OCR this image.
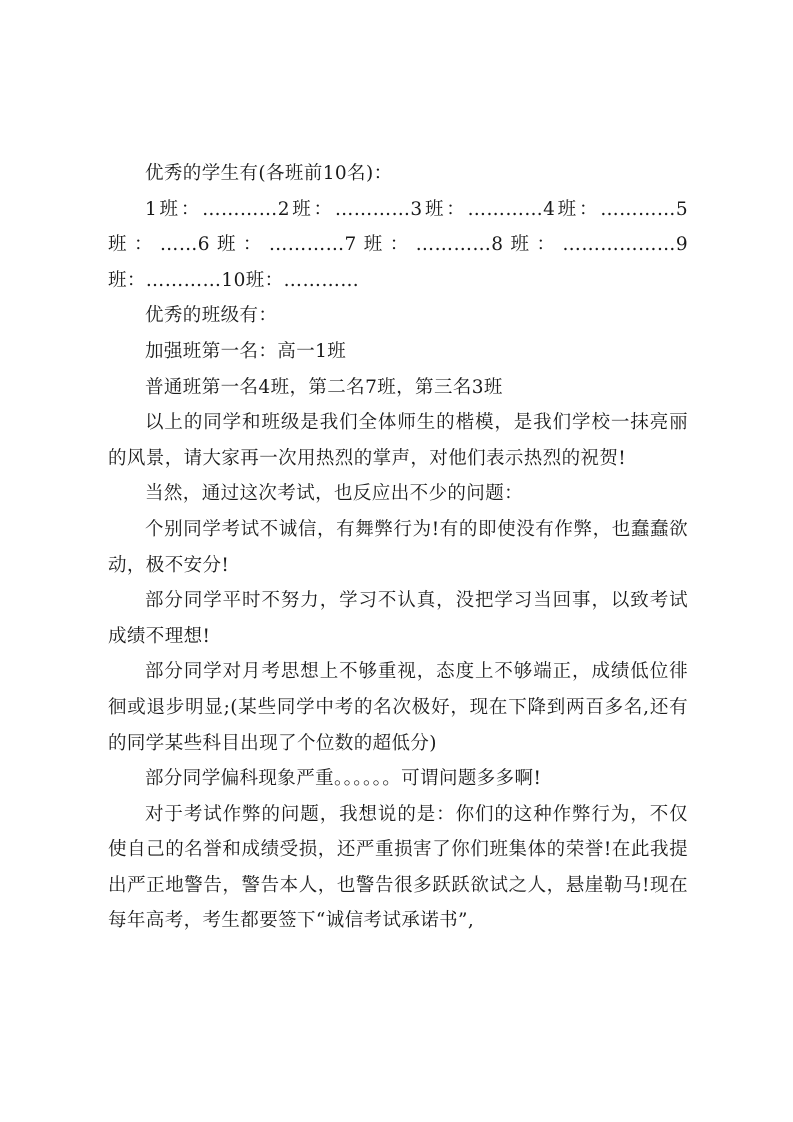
优秀的学生有(各班前10名)：

1班：…………2班：…………3班：…………4班：…………5班：……6班：…………7班：…………8班：………………9班：…………10班：…………

优秀的班级有：

加强班第一名：高一1班

普通班第一名4班，第二名7班，第三名3班

以上的同学和班级是我们全体师生的楷模，是我们学校一抹亮丽的风景，请大家再一次用热烈的掌声，对他们表示热烈的祝贺!

当然，通过这次考试，也反应出不少的问题：

个别同学考试不诚信，有舞弊行为!有的即使没有作弊，也蠢蠢欲动，极不安分!

部分同学平时不努力，学习不认真，没把学习当回事，以致考试成绩不理想!

部分同学对月考思想上不够重视，态度上不够端正，成绩低位徘徊或退步明显;(某些同学中考的名次极好，现在下降到两百多名,还有的同学某些科目出现了个位数的超低分)

部分同学偏科现象严重。。。。。。可谓问题多多啊!

对于考试作弊的问题，我想说的是：你们的这种作弊行为，不仅使自己的名誉和成绩受损，还严重损害了你们班集体的荣誉!在此我提出严正地警告，警告本人，也警告很多跃跃欲试之人，悬崖勒马!现在每年高考，考生都要签下“诚信考试承诺书”,
